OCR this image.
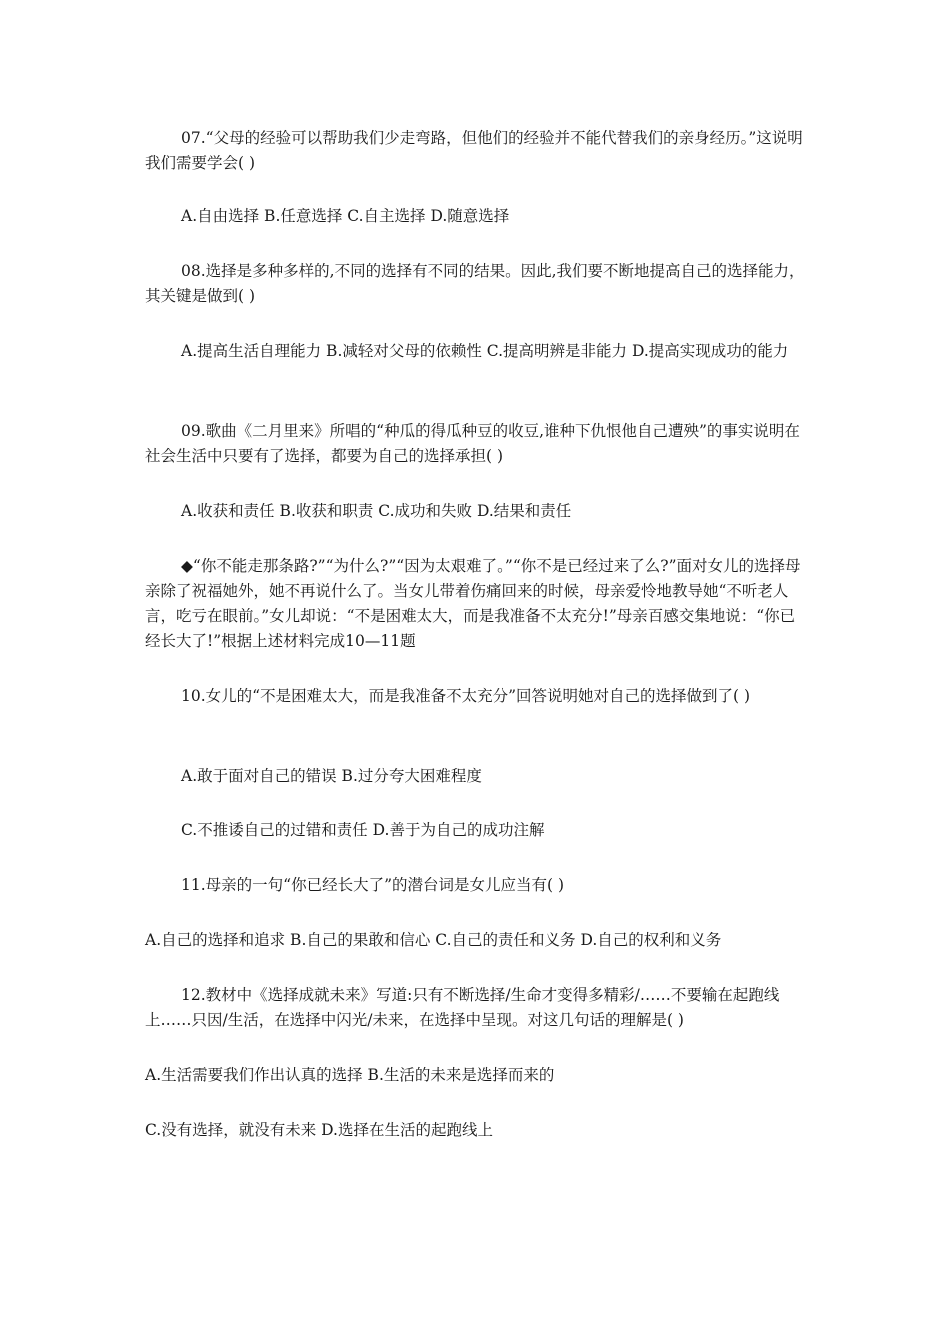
07.“父母的经验可以帮助我们少走弯路，但他们的经验并不能代替我们的亲身经历。”这说明我们需要学会( )

A.自由选择 B.任意选择 C.自主选择 D.随意选择

08.选择是多种多样的,不同的选择有不同的结果。因此,我们要不断地提高自己的选择能力，其关键是做到( )

A.提高生活自理能力 B.减轻对父母的依赖性 C.提高明辨是非能力 D.提高实现成功的能力

09.歌曲《二月里来》所唱的“种瓜的得瓜种豆的收豆,谁种下仇恨他自己遭殃”的事实说明在社会生活中只要有了选择，都要为自己的选择承担( )

A.收获和责任 B.收获和职责 C.成功和失败 D.结果和责任

◆“你不能走那条路?”“为什么?”“因为太艰难了。”“你不是已经过来了么?”面对女儿的选择母亲除了祝福她外，她不再说什么了。当女儿带着伤痛回来的时候，母亲爱怜地教导她“不听老人言，吃亏在眼前。”女儿却说：“不是困难太大，而是我准备不太充分!”母亲百感交集地说：“你已经长大了!”根据上述材料完成10—11题

10.女儿的“不是困难太大，而是我准备不太充分”回答说明她对自己的选择做到了( )

A.敢于面对自己的错误 B.过分夸大困难程度

C.不推诿自己的过错和责任 D.善于为自己的成功注解

11.母亲的一句“你已经长大了”的潜台词是女儿应当有( )

A.自己的选择和追求 B.自己的果敢和信心 C.自己的责任和义务 D.自己的权利和义务

12.教材中《选择成就未来》写道:只有不断选择/生命才变得多精彩/……不要输在起跑线上……只因/生活，在选择中闪光/未来，在选择中呈现。对这几句话的理解是( )

A.生活需要我们作出认真的选择 B.生活的未来是选择而来的

C.没有选择，就没有未来 D.选择在生活的起跑线上
